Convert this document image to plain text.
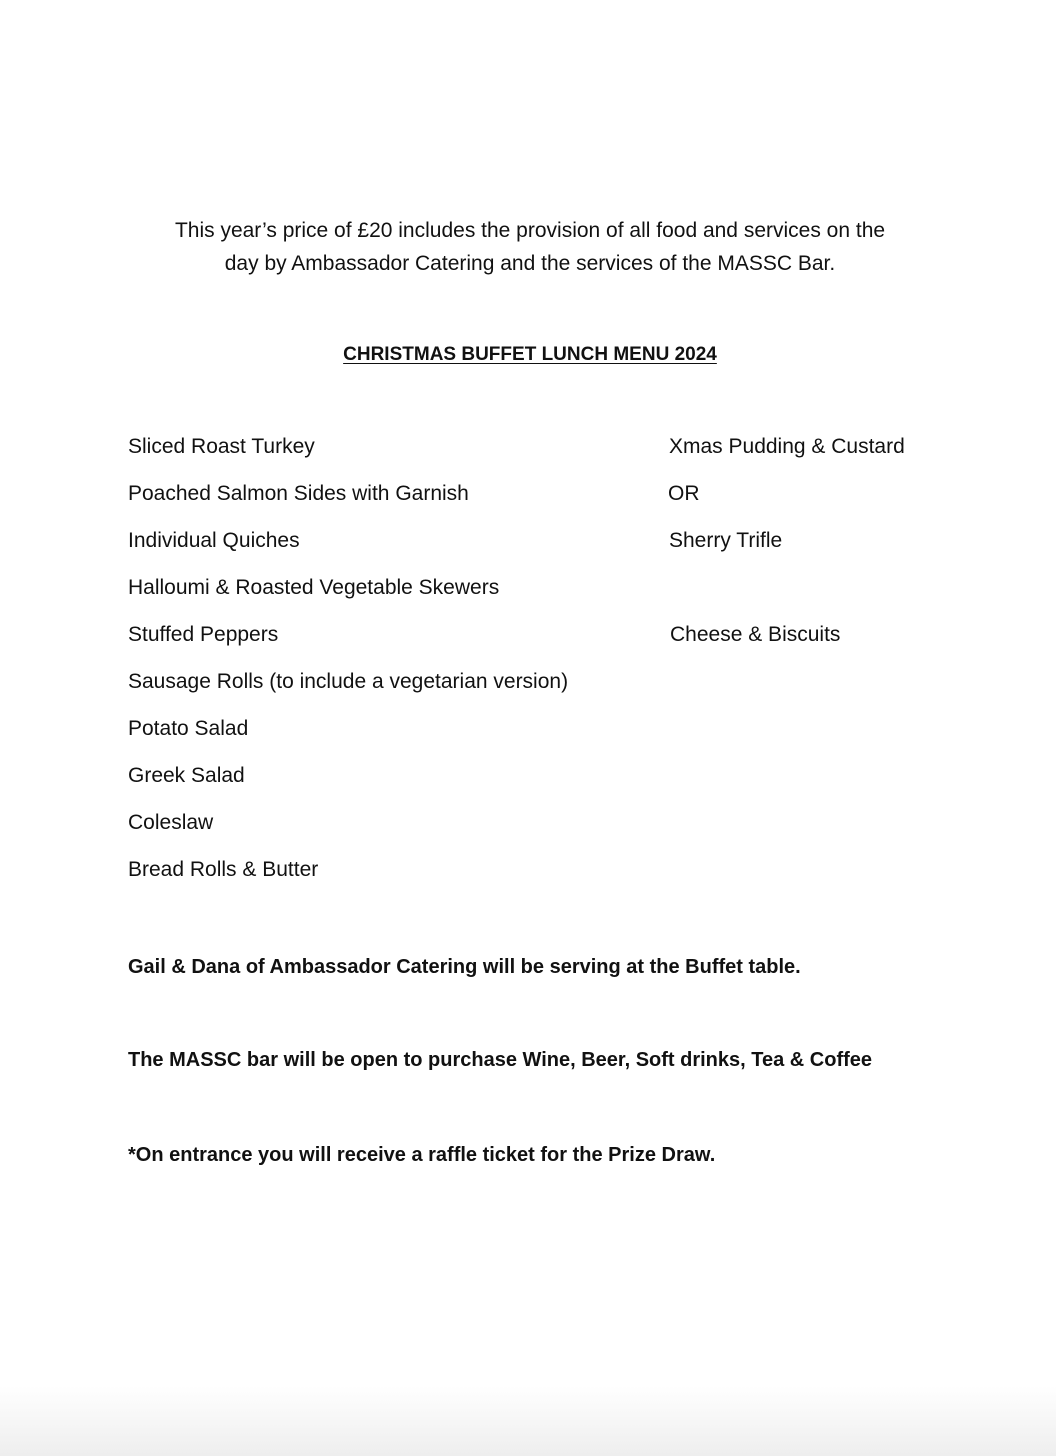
This year’s price of £20 includes the provision of all food and services on the
day by Ambassador Catering and the services of the MASSC Bar.

CHRISTMAS BUFFET LUNCH MENU 2024
Sliced Roast Turkey
Poached Salmon Sides with Garnish
Individual Quiches
Halloumi & Roasted Vegetable Skewers
Stuffed Peppers
Sausage Rolls (to include a vegetarian version)
Potato Salad
Greek Salad
Coleslaw
Bread Rolls & Butter

Xmas Pudding & Custard

OR

Sherry Trifle

Cheese & Biscuits

Gail & Dana of Ambassador Catering will be serving at the Buffet table.

The MASSC bar will be open to purchase Wine, Beer, Soft drinks, Tea & Coffee

*On entrance you will receive a raffle ticket for the Prize Draw.
